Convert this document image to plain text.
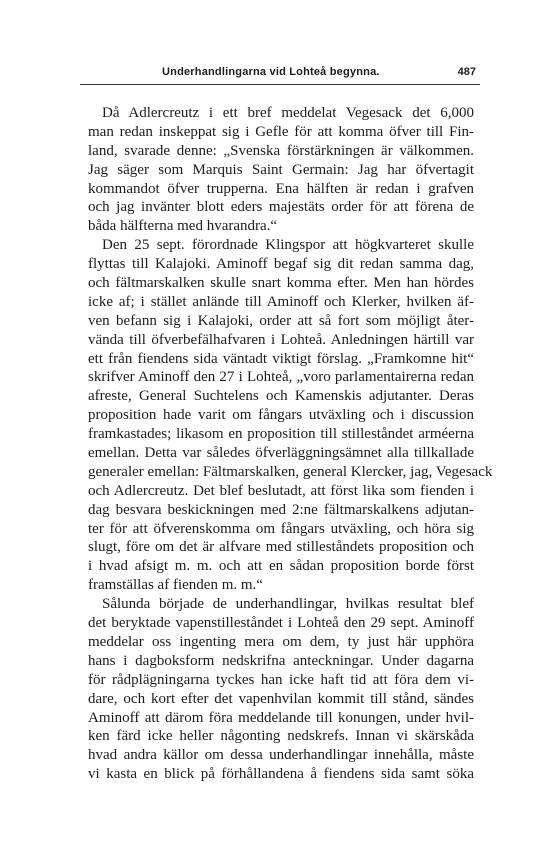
Underhandlingarna vid Lohteå begynna.	487
Då Adlercreutz i ett bref meddelat Vegesack det 6,000
man redan inskeppat sig i Gefle för att komma öfver till Fin-
land, svarade denne: „Svenska förstärkningen är välkommen.
Jag säger som Marquis Saint Germain: Jag har öfvertagit
kommandot öfver trupperna. Ena hälften är redan i grafven
och jag invänter blott eders majestäts order för att förena de
båda hälfterna med hvarandra.“
Den 25 sept. förordnade Klingspor att högkvarteret skulle
flyttas till Kalajoki. Aminoff begaf sig dit redan samma dag,
och fältmarskalken skulle snart komma efter. Men han hördes
icke af; i stället anlände till Aminoff och Klerker, hvilken äf-
ven befann sig i Kalajoki, order att så fort som möjligt åter-
vända till öfverbefälhafvaren i Lohteå. Anledningen härtill var
ett från fiendens sida väntadt viktigt förslag. „Framkomne hit“
skrifver Aminoff den 27 i Lohteå, „voro parlamentairerna redan
afreste, General Suchtelens och Kamenskis adjutanter. Deras
proposition hade varit om fångars utväxling och i discussion
framkastades; likasom en proposition till stilleståndet arméerna
emellan. Detta var således öfverläggningsämnet alla tillkallade
generaler emellan: Fältmarskalken, general Klercker, jag, Vegesack
och Adlercreutz. Det blef beslutadt, att först lika som fienden i
dag besvara beskickningen med 2:ne fältmarskalkens adjutan-
ter för att öfverenskomma om fångars utväxling, och höra sig
slugt, före om det är alfvare med stilleståndets proposition och
i hvad afsigt m. m. och att en sådan proposition borde först
framställas af fienden m. m.“
Sålunda började de underhandlingar, hvilkas resultat blef
det beryktade vapenstilleståndet i Lohteå den 29 sept. Aminoff
meddelar oss ingenting mera om dem, ty just här upphöra
hans i dagboksform nedskrifna anteckningar. Under dagarna
för rådplägningarna tyckes han icke haft tid att föra dem vi-
dare, och kort efter det vapenhvilan kommit till stånd, sändes
Aminoff att därom föra meddelande till konungen, under hvil-
ken färd icke heller någonting nedskrefs. Innan vi skärskåda
hvad andra källor om dessa underhandlingar innehålla, måste
vi kasta en blick på förhållandena å fiendens sida samt söka
